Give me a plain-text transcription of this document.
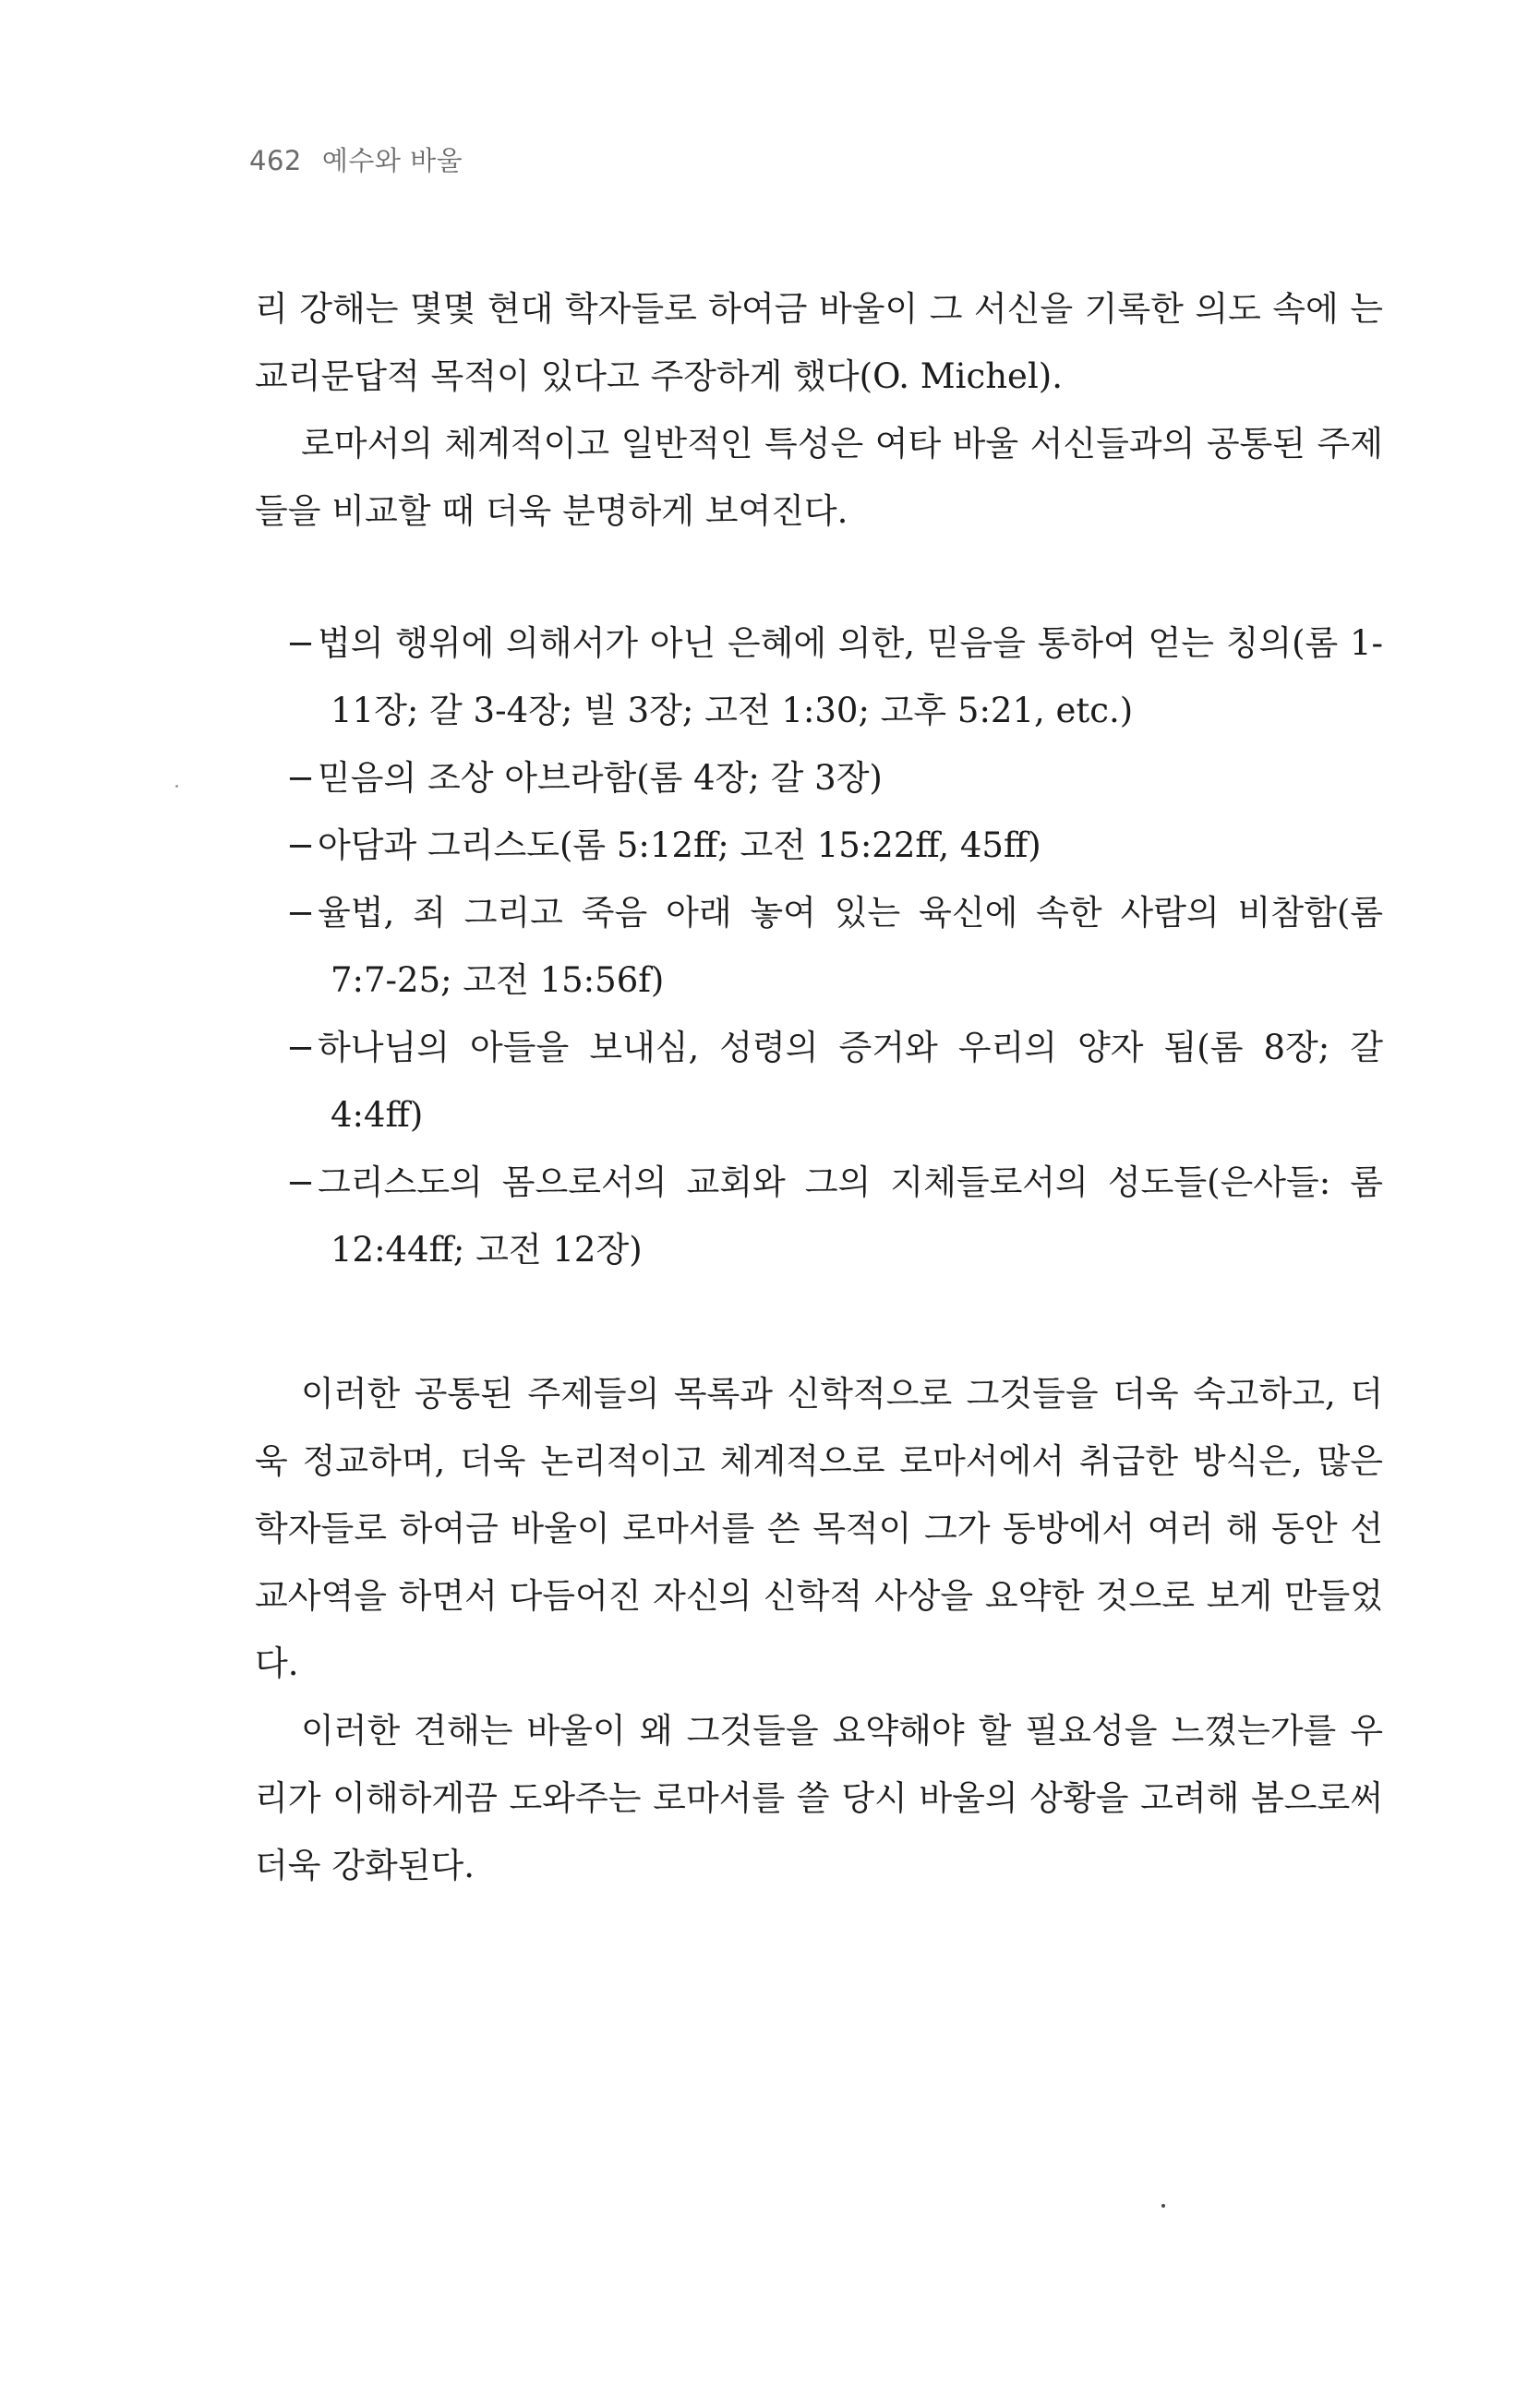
462 예수와 바울

리 강해는 몇몇 현대 학자들로 하여금 바울이 그 서신을 기록한 의도 속에 는 교리문답적 목적이 있다고 주장하게 했다(O. Michel).

로마서의 체계적이고 일반적인 특성은 여타 바울 서신들과의 공통된 주제들을 비교할 때 더욱 분명하게 보여진다.

−법의 행위에 의해서가 아닌 은혜에 의한, 믿음을 통하여 얻는 칭의(롬 1-11장; 갈 3-4장; 빌 3장; 고전 1:30; 고후 5:21, etc.)
−믿음의 조상 아브라함(롬 4장; 갈 3장)
−아담과 그리스도(롬 5:12ff; 고전 15:22ff, 45ff)
−율법, 죄 그리고 죽음 아래 놓여 있는 육신에 속한 사람의 비참함(롬 7:7-25; 고전 15:56f)
−하나님의 아들을 보내심, 성령의 증거와 우리의 양자 됨(롬 8장; 갈 4:4ff)
−그리스도의 몸으로서의 교회와 그의 지체들로서의 성도들(은사들: 롬 12:44ff; 고전 12장)

이러한 공통된 주제들의 목록과 신학적으로 그것들을 더욱 숙고하고, 더욱 정교하며, 더욱 논리적이고 체계적으로 로마서에서 취급한 방식은, 많은 학자들로 하여금 바울이 로마서를 쓴 목적이 그가 동방에서 여러 해 동안 선교사역을 하면서 다듬어진 자신의 신학적 사상을 요약한 것으로 보게 만들었다.

이러한 견해는 바울이 왜 그것들을 요약해야 할 필요성을 느꼈는가를 우리가 이해하게끔 도와주는 로마서를 쓸 당시 바울의 상황을 고려해 봄으로써 더욱 강화된다.
